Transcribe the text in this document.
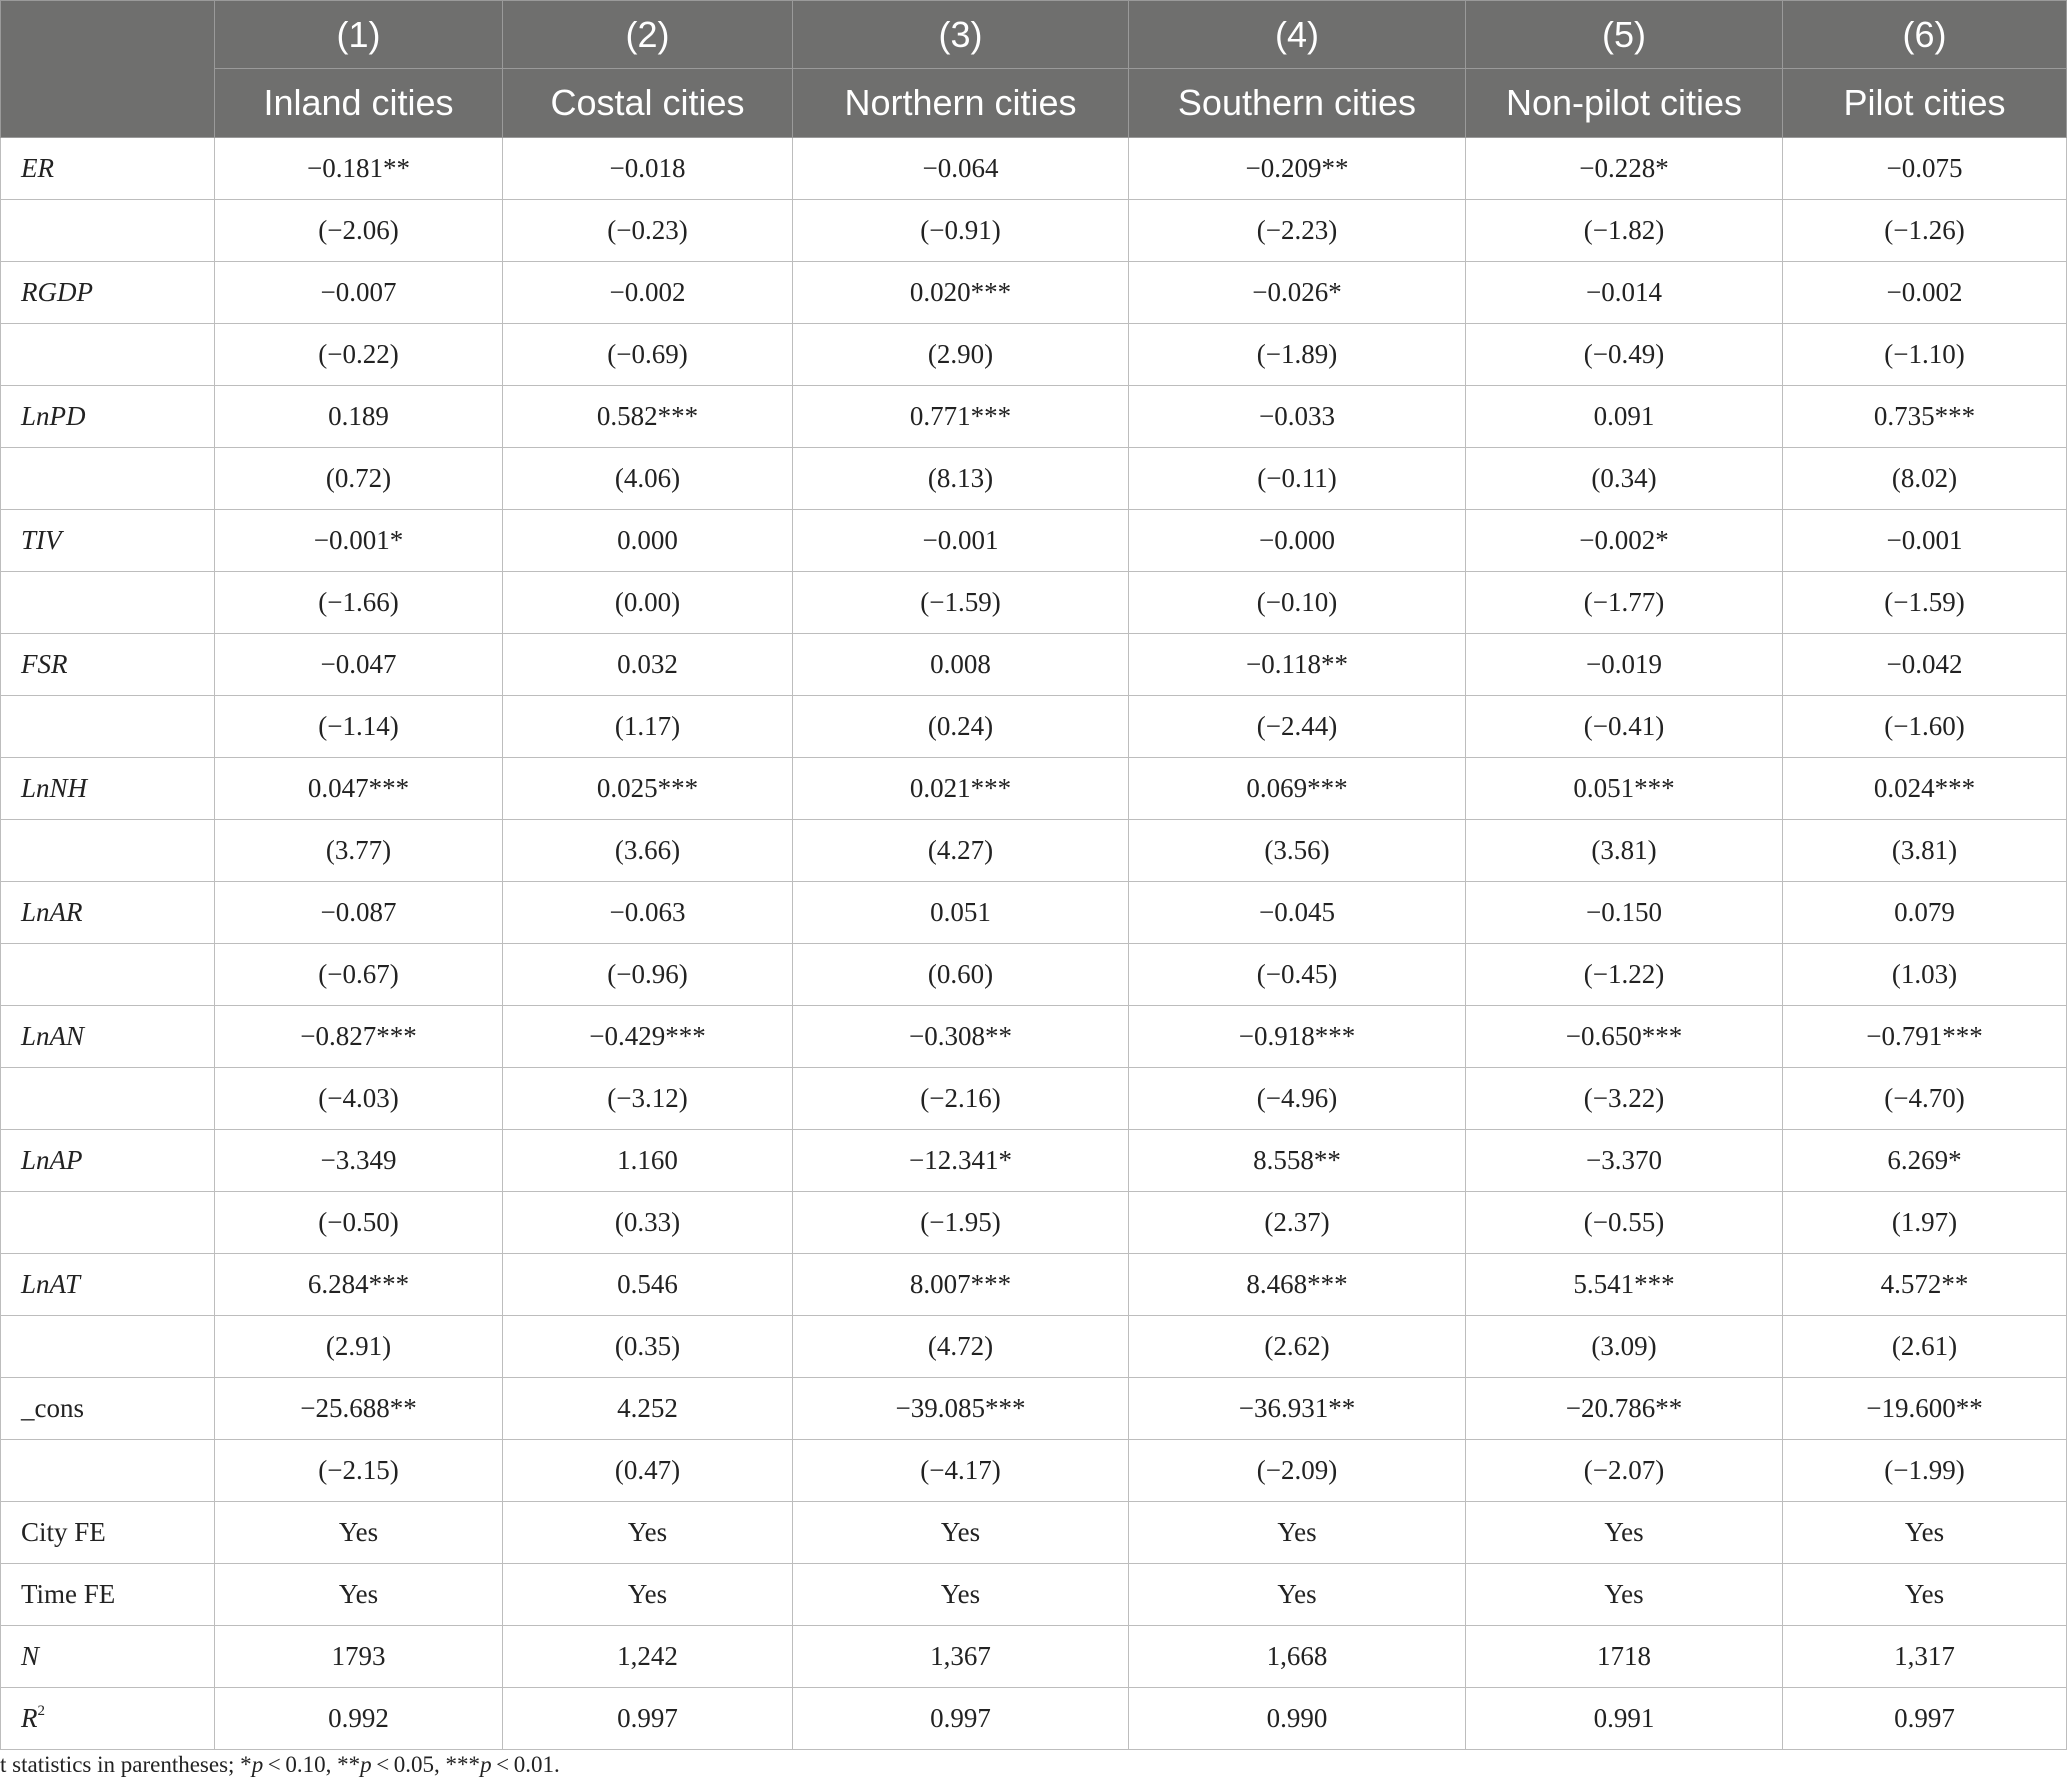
	(1)	(2)	(3)	(4)	(5)	(6)
	Inland cities	Costal cities	Northern cities	Southern cities	Non-pilot cities	Pilot cities
ER	−0.181**	−0.018	−0.064	−0.209**	−0.228*	−0.075
	(−2.06)	(−0.23)	(−0.91)	(−2.23)	(−1.82)	(−1.26)
RGDP	−0.007	−0.002	0.020***	−0.026*	−0.014	−0.002
	(−0.22)	(−0.69)	(2.90)	(−1.89)	(−0.49)	(−1.10)
LnPD	0.189	0.582***	0.771***	−0.033	0.091	0.735***
	(0.72)	(4.06)	(8.13)	(−0.11)	(0.34)	(8.02)
TIV	−0.001*	0.000	−0.001	−0.000	−0.002*	−0.001
	(−1.66)	(0.00)	(−1.59)	(−0.10)	(−1.77)	(−1.59)
FSR	−0.047	0.032	0.008	−0.118**	−0.019	−0.042
	(−1.14)	(1.17)	(0.24)	(−2.44)	(−0.41)	(−1.60)
LnNH	0.047***	0.025***	0.021***	0.069***	0.051***	0.024***
	(3.77)	(3.66)	(4.27)	(3.56)	(3.81)	(3.81)
LnAR	−0.087	−0.063	0.051	−0.045	−0.150	0.079
	(−0.67)	(−0.96)	(0.60)	(−0.45)	(−1.22)	(1.03)
LnAN	−0.827***	−0.429***	−0.308**	−0.918***	−0.650***	−0.791***
	(−4.03)	(−3.12)	(−2.16)	(−4.96)	(−3.22)	(−4.70)
LnAP	−3.349	1.160	−12.341*	8.558**	−3.370	6.269*
	(−0.50)	(0.33)	(−1.95)	(2.37)	(−0.55)	(1.97)
LnAT	6.284***	0.546	8.007***	8.468***	5.541***	4.572**
	(2.91)	(0.35)	(4.72)	(2.62)	(3.09)	(2.61)
_cons	−25.688**	4.252	−39.085***	−36.931**	−20.786**	−19.600**
	(−2.15)	(0.47)	(−4.17)	(−2.09)	(−2.07)	(−1.99)
City FE	Yes	Yes	Yes	Yes	Yes	Yes
Time FE	Yes	Yes	Yes	Yes	Yes	Yes
N	1793	1,242	1,367	1,668	1718	1,317
$R^2$	0.992	0.997	0.997	0.990	0.991	0.997
t statistics in parentheses; *p < 0.10, **p < 0.05, ***p < 0.01.
